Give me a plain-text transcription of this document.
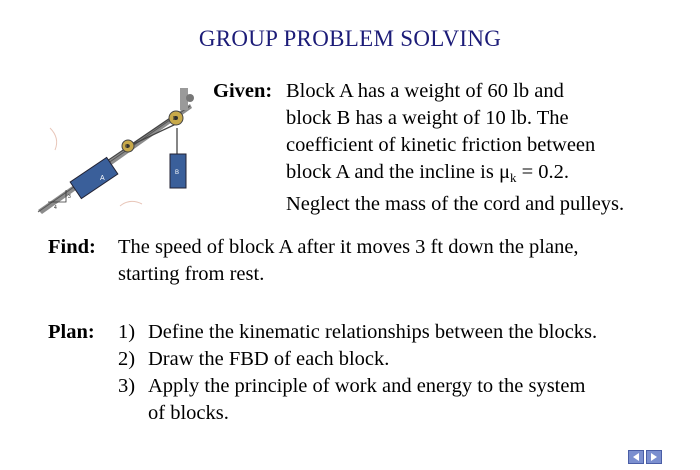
GROUP PROBLEM SOLVING
A
B
C
D
4
3
Given: Block A has a weight of 60 lb and
block B has a weight of 10 lb. The
coefficient of kinetic friction between
block A and the incline is μk = 0.2.
Neglect the mass of the cord and pulleys.
Find:	The speed of block A after it moves 3 ft down the plane,
starting from rest.
Plan:	1) Define the kinematic relationships between the blocks.
2) Draw the FBD of each block.
3) Apply the principle of work and energy to the system
of blocks.
